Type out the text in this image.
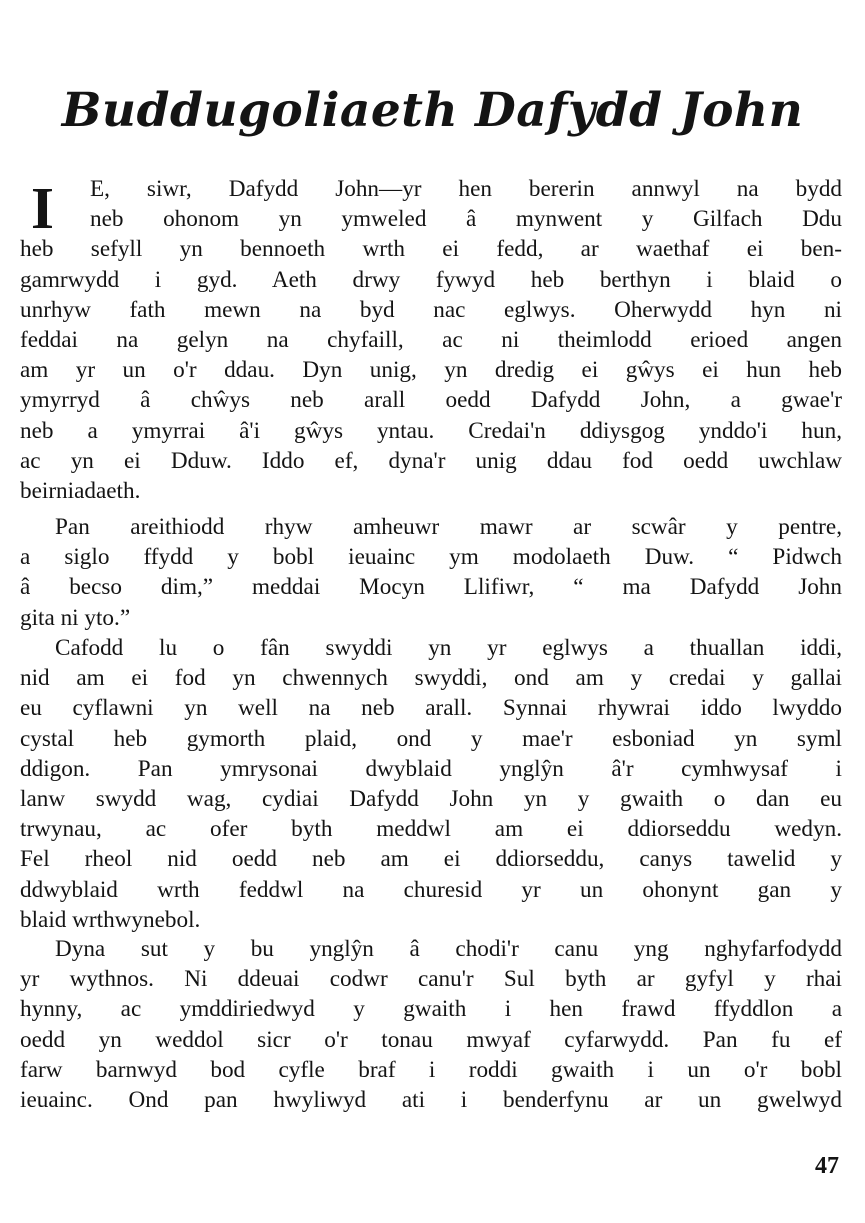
Buddugoliaeth Dafydd John
I	E, siwr, Dafydd John—yr hen bererin annwyl na bydd
neb ohonom yn ymweled â mynwent y Gilfach Ddu
heb sefyll yn bennoeth wrth ei fedd, ar waethaf ei ben-
gamrwydd i gyd. Aeth drwy fywyd heb berthyn i blaid o
unrhyw fath mewn na byd nac eglwys. Oherwydd hyn ni
feddai na gelyn na chyfaill, ac ni theimlodd erioed angen
am yr un o'r ddau. Dyn unig, yn dredig ei gŵys ei hun heb
ymyrryd â chŵys neb arall oedd Dafydd John, a gwae'r
neb a ymyrrai â'i gŵys yntau. Credai'n ddiysgog ynddo'i hun,
ac yn ei Dduw. Iddo ef, dyna'r unig ddau fod oedd uwchlaw
beirniadaeth.
Pan areithiodd rhyw amheuwr mawr ar scwâr y pentre,
a siglo ffydd y bobl ieuainc ym modolaeth Duw. “ Pidwch
â becso dim,” meddai Mocyn Llifiwr, “ ma Dafydd John
gita ni yto.”
Cafodd lu o fân swyddi yn yr eglwys a thuallan iddi,
nid am ei fod yn chwennych swyddi, ond am y credai y gallai
eu cyflawni yn well na neb arall. Synnai rhywrai iddo lwyddo
cystal heb gymorth plaid, ond y mae'r esboniad yn syml
ddigon. Pan ymrysonai dwyblaid ynglŷn â'r cymhwysaf i
lanw swydd wag, cydiai Dafydd John yn y gwaith o dan eu
trwynau, ac ofer byth meddwl am ei ddiorseddu wedyn.
Fel rheol nid oedd neb am ei ddiorseddu, canys tawelid y
ddwyblaid wrth feddwl na churesid yr un ohonynt gan y
blaid wrthwynebol.
Dyna sut y bu ynglŷn â chodi'r canu yng nghyfarfodydd
yr wythnos. Ni ddeuai codwr canu'r Sul byth ar gyfyl y rhai
hynny, ac ymddiriedwyd y gwaith i hen frawd ffyddlon a
oedd yn weddol sicr o'r tonau mwyaf cyfarwydd. Pan fu ef
farw barnwyd bod cyfle braf i roddi gwaith i un o'r bobl
ieuainc. Ond pan hwyliwyd ati i benderfynu ar un gwelwyd
47
